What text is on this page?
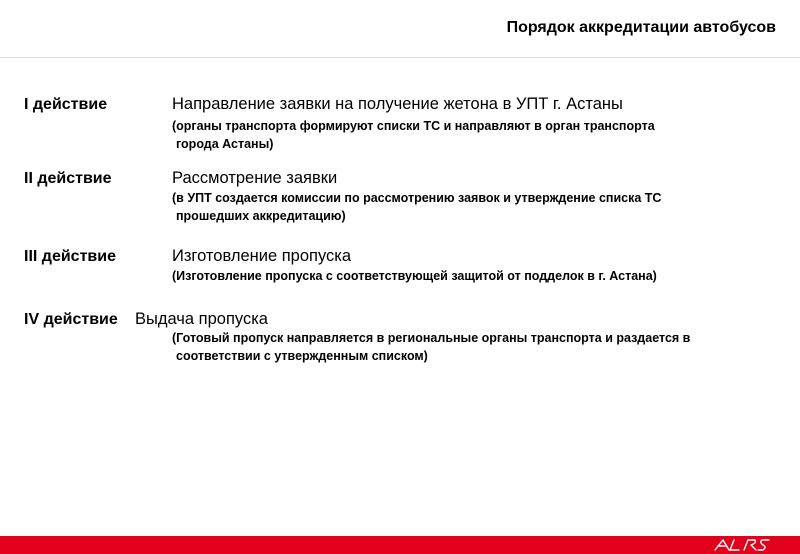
Порядок аккредитации автобусов
I действие	Направление заявки на получение жетона в УПТ г. Астаны
(органы транспорта формируют списки ТС и направляют в орган транспорта
города Астаны)
II действие	Рассмотрение заявки
(в УПТ создается комиссии по рассмотрению заявок и утверждение списка ТС
прошедших аккредитацию)
III действие	Изготовление пропуска
(Изготовление пропуска с соответствующей защитой от подделок в г. Астана)
IV действие Выдача пропуска
(Готовый пропуск направляется в региональные органы транспорта и раздается в
соответствии с утвержденным списком)
